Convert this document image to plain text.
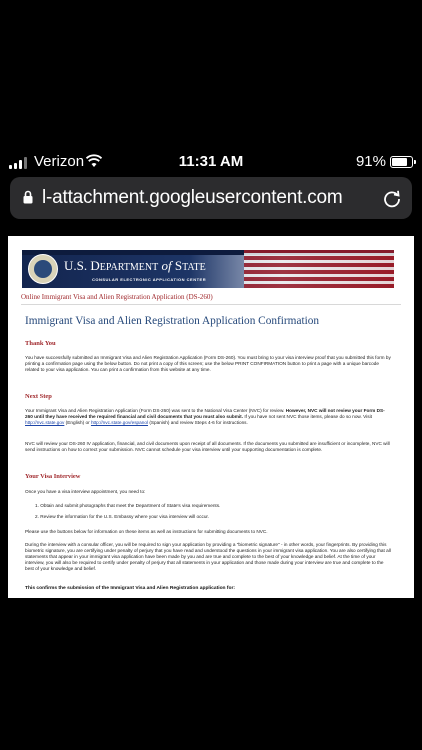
Verizon	11:31 AM	91%
l-attachment.googleusercontent.com
U.S. DEPARTMENT of STATE
CONSULAR ELECTRONIC APPLICATION CENTER
Online Immigrant Visa and Alien Registration Application (DS-260)
Immigrant Visa and Alien Registration Application Confirmation
Thank You
You have successfully submitted an Immigrant Visa and Alien Registration Application (Form DS-260). You must bring to your visa interview proof that you submitted this form by printing a confirmation page using the below button. Do not print a copy of this screen; use the below PRINT CONFIRMATION button to print a page with a unique barcode related to your visa application. You can print a confirmation from this website at any time.
Next Step
Your Immigrant Visa and Alien Registration Application (Form DS-260) was sent to the National Visa Center (NVC) for review. However, NVC will not review your Form DS-260 until they have received the required financial and civil documents that you must also submit. If you have not sent NVC those items, please do so now. Visit http://nvc.state.gov (English) or http://nvc.state.gov/espanol (Spanish) and review Steps 4-6 for instructions.
NVC will review your DS-260 IV application, financial, and civil documents upon receipt of all documents. If the documents you submitted are insufficient or incomplete, NVC will send instructions on how to correct your submission. NVC cannot schedule your visa interview until your supporting documentation is complete.
Your Visa Interview
Once you have a visa interview appointment, you need to:
1. Obtain and submit photographs that meet the Department of State's visa requirements.
2. Review the information for the U.S. Embassy where your visa interview will occur.
Please use the buttons below for information on these items as well as instructions for submitting documents to NVC.
During the interview with a consular officer, you will be required to sign your application by providing a "biometric signature" - in other words, your fingerprints. By providing this biometric signature, you are certifying under penalty of perjury that you have read and understood the questions in your immigrant visa application. You are also certifying that all statements that appear in your immigrant visa application have been made by you and are true and complete to the best of your knowledge and belief. At the time of your interview, you will also be required to certify under penalty of perjury that all statements in your application and those made during your interview are true and complete to the best of your knowledge and belief.
This confirms the submission of the Immigrant Visa and Alien Registration application for:
